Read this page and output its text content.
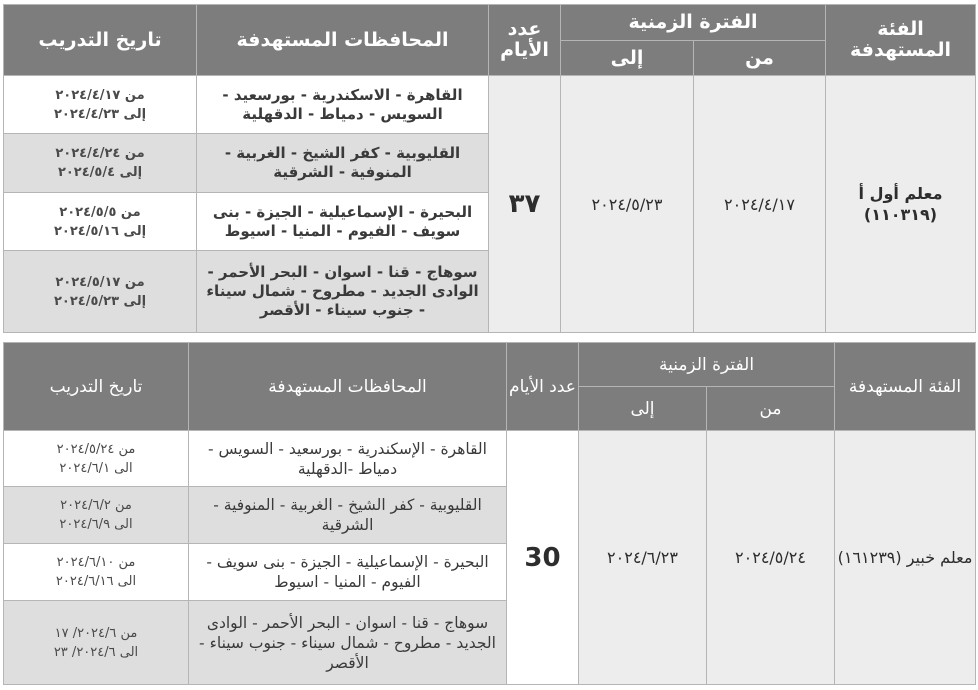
الفئة المستهدفة	الفترة الزمنية		عدد الأيام	المحافظات المستهدفة	تاريخ التدريب
	من	إلى			
معلم أول أ (١١٠٣١٩)	٢٠٢٤/٤/١٧	٢٠٢٤/٥/٢٣	٣٧	القاهرة - الاسكندرية - بورسعيد - السويس - دمياط - الدقهلية	من ٢٠٢٤/٤/١٧
إلى ٢٠٢٤/٤/٢٣

				القليوبية - كفر الشيخ - الغربية - المنوفية - الشرقية	من ٢٠٢٤/٤/٢٤
إلى ٢٠٢٤/٥/٤

				البحيرة - الإسماعيلية - الجيزة - بنى سويف - الفيوم - المنيا - اسيوط	من ٢٠٢٤/٥/٥
إلى ٢٠٢٤/٥/١٦

				سوهاج - قنا - اسوان - البحر الأحمر - الوادى الجديد - مطروح - شمال سيناء - جنوب سيناء - الأقصر	من ٢٠٢٤/٥/١٧
إلى ٢٠٢٤/٥/٢٣
الفئة المستهدفة	الفترة الزمنية		عدد الأيام	المحافظات المستهدفة	تاريخ التدريب
	من	إلى			
معلم خبير (١٦١٢٣٩)	٢٠٢٤/٥/٢٤	٢٠٢٤/٦/٢٣	30	القاهرة - الإسكندرية - بورسعيد - السويس - دمياط -الدقهلية	من ٢٠٢٤/٥/٢٤
الى ٢٠٢٤/٦/١

				القليوبية - كفر الشيخ - الغربية - المنوفية - الشرقية	من ٢٠٢٤/٦/٢
الى ٢٠٢٤/٦/٩

				البحيرة - الإسماعيلية - الجيزة - بنى سويف - الفيوم - المنيا - اسيوط	من ٢٠٢٤/٦/١٠
الى ٢٠٢٤/٦/١٦

				سوهاج - قنا - اسوان - البحر الأحمر - الوادى الجديد - مطروح - شمال سيناء - جنوب سيناء - الأقصر	من ٢٠٢٤/٦/ ١٧
الى ٢٠٢٤/٦/ ٢٣
